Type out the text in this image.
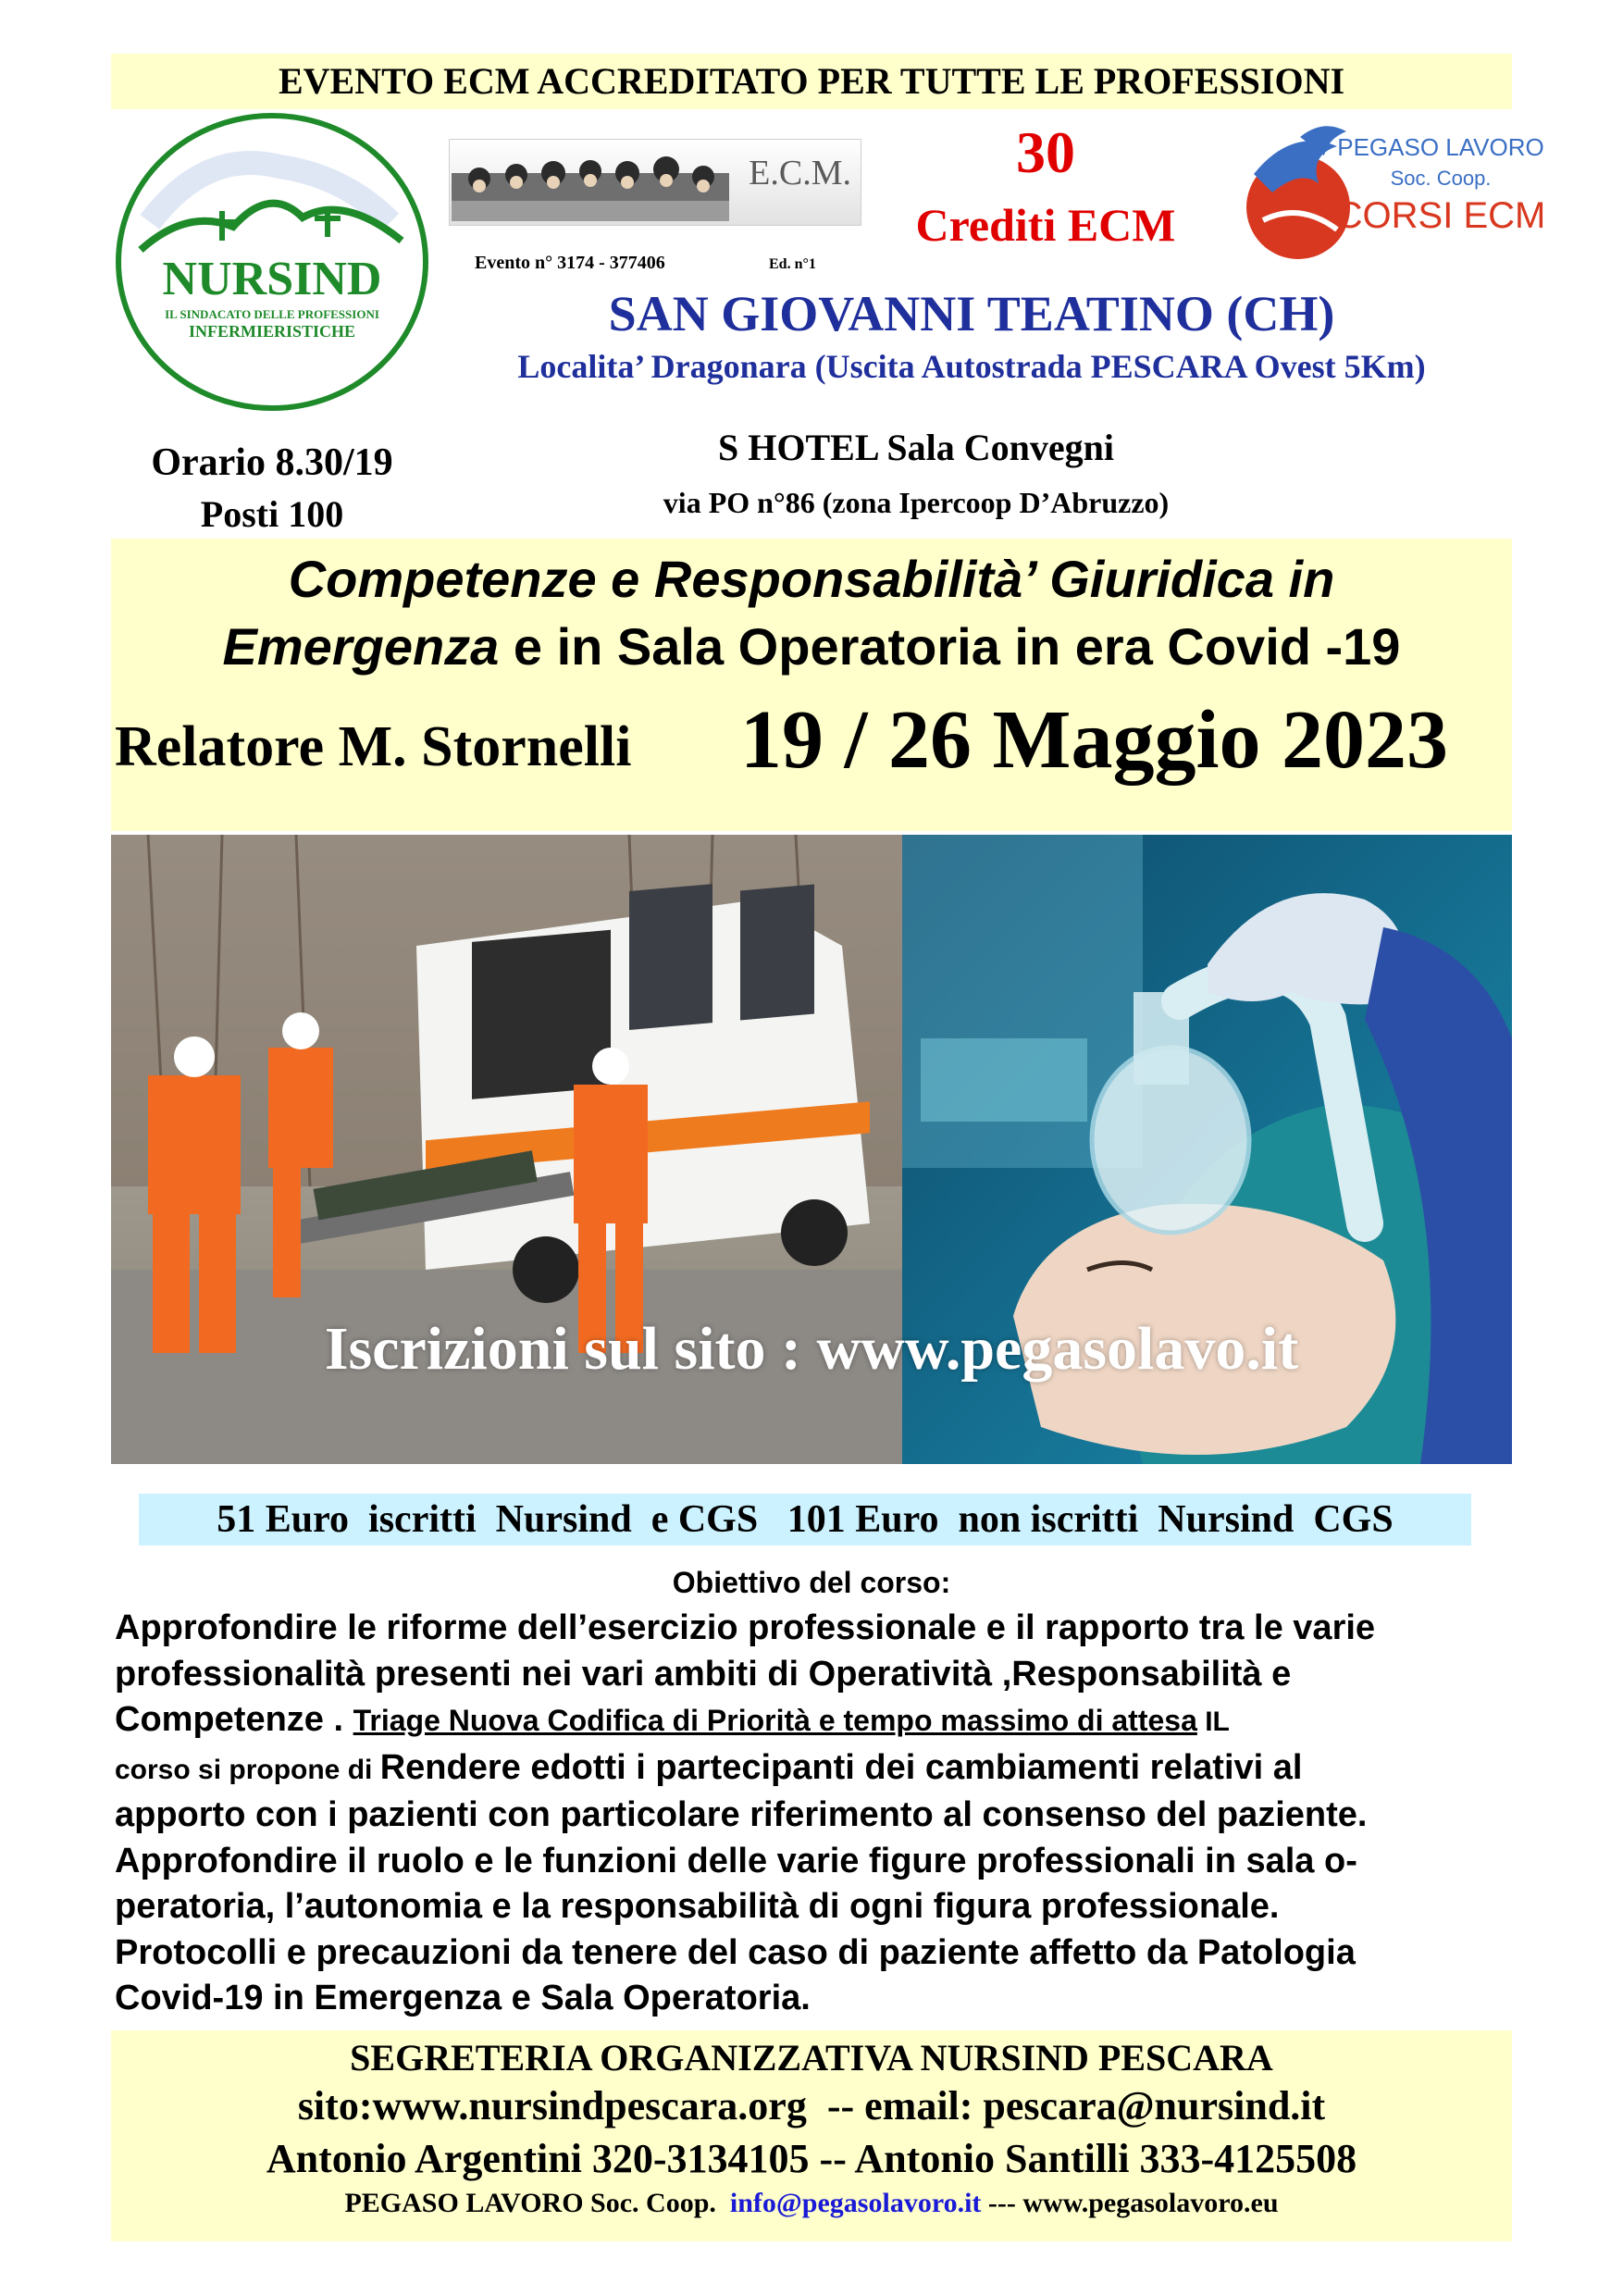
EVENTO ECM ACCREDITATO PER TUTTE LE PROFESSIONI
NURSIND
IL SINDACATO DELLE PROFESSIONI
INFERMIERISTICHE
E.C.M.
Evento n° 3174 - 377406	Ed. n°1
30
Crediti ECM
PEGASO LAVORO
Soc. Coop.
CORSI ECM
SAN GIOVANNI TEATINO (CH)
Localita’ Dragonara (Uscita Autostrada PESCARA Ovest 5Km)
Orario 8.30/19
Posti 100
S HOTEL Sala Convegni
via PO n°86 (zona Ipercoop D’Abruzzo)
Competenze e Responsabilità’ Giuridica in
Emergenza e in Sala Operatoria in era Covid -19
Relatore M. Stornelli 19 / 26 Maggio 2023
Iscrizioni sul sito : www.pegasolavo.it
51 Euro  iscritti  Nursind  e CGS   101 Euro  non iscritti  Nursind  CGS
Obiettivo del corso:

Approfondire le riforme dell’esercizio professionale e il rapporto tra le varie

professionalità presenti nei vari ambiti di Operatività ,Responsabilità e

Competenze . Triage Nuova Codifica di Priorità e tempo massimo di attesa IL

corso si propone di Rendere edotti i partecipanti dei cambiamenti relativi al

apporto con i pazienti con particolare riferimento al consenso del paziente.

Approfondire il ruolo e le funzioni delle varie figure professionali in sala o-

peratoria, l’autonomia e la responsabilità di ogni figura professionale.

Protocolli e precauzioni da tenere del caso di paziente affetto da Patologia

Covid-19 in Emergenza e Sala Operatoria.

SEGRETERIA ORGANIZZATIVA NURSIND PESCARA
sito:www.nursindpescara.org  -- email: pescara@nursind.it
Antonio Argentini 320-3134105 -- Antonio Santilli 333-4125508
PEGASO LAVORO Soc. Coop.  info@pegasolavoro.it --- www.pegasolavoro.eu
